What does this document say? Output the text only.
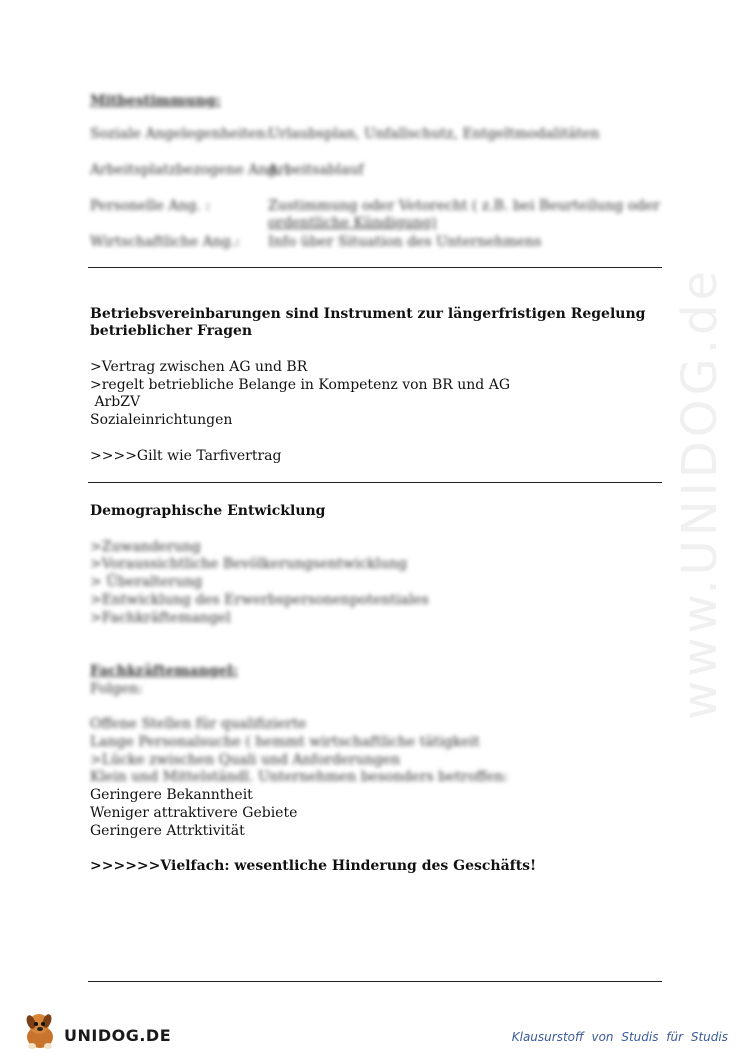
www.UNIDOG.de
Mitbestimmung:
Soziale Angelegenheiten:
Urlaubsplan, Unfallschutz, Entgeltmodalitäten
Arbeitsplatzbezogene Ang. :
Arbeitsablauf
Personelle Ang. :	Zustimmung oder Vetorecht ( z.B. bei Beurteilung oder
ordentliche Kündigung)
Wirtschaftliche Ang.: Info über Situation des Unternehmens
Betriebsvereinbarungen sind Instrument zur längerfristigen Regelung
betrieblicher Fragen
>Vertrag zwischen AG und BR
>regelt betriebliche Belange in Kompetenz von BR und AG
ArbZV
Sozialeinrichtungen
>>>>Gilt wie Tarfivertrag
Demographische Entwicklung
>Zuwanderung
>Voraussichtliche Bevölkerungsentwicklung
> Überalterung
>Entwicklung des Erwerbspersonenpotentiales
>Fachkräftemangel
Fachkräftemangel:
Folgen:
Offene Stellen für qualifizierte
Lange Personalsuche ( hemmt wirtschaftliche tätigkeit
>Lücke zwischen Quali und Anforderungen
Klein und Mittelständl. Unternehmen besonders betroffen:
Geringere Bekanntheit
Weniger attraktivere Gebiete
Geringere Attrktivität
>>>>>>Vielfach: wesentliche Hinderung des Geschäfts!
UNIDOG.DE	Klausurstoff von Studis für Studis
